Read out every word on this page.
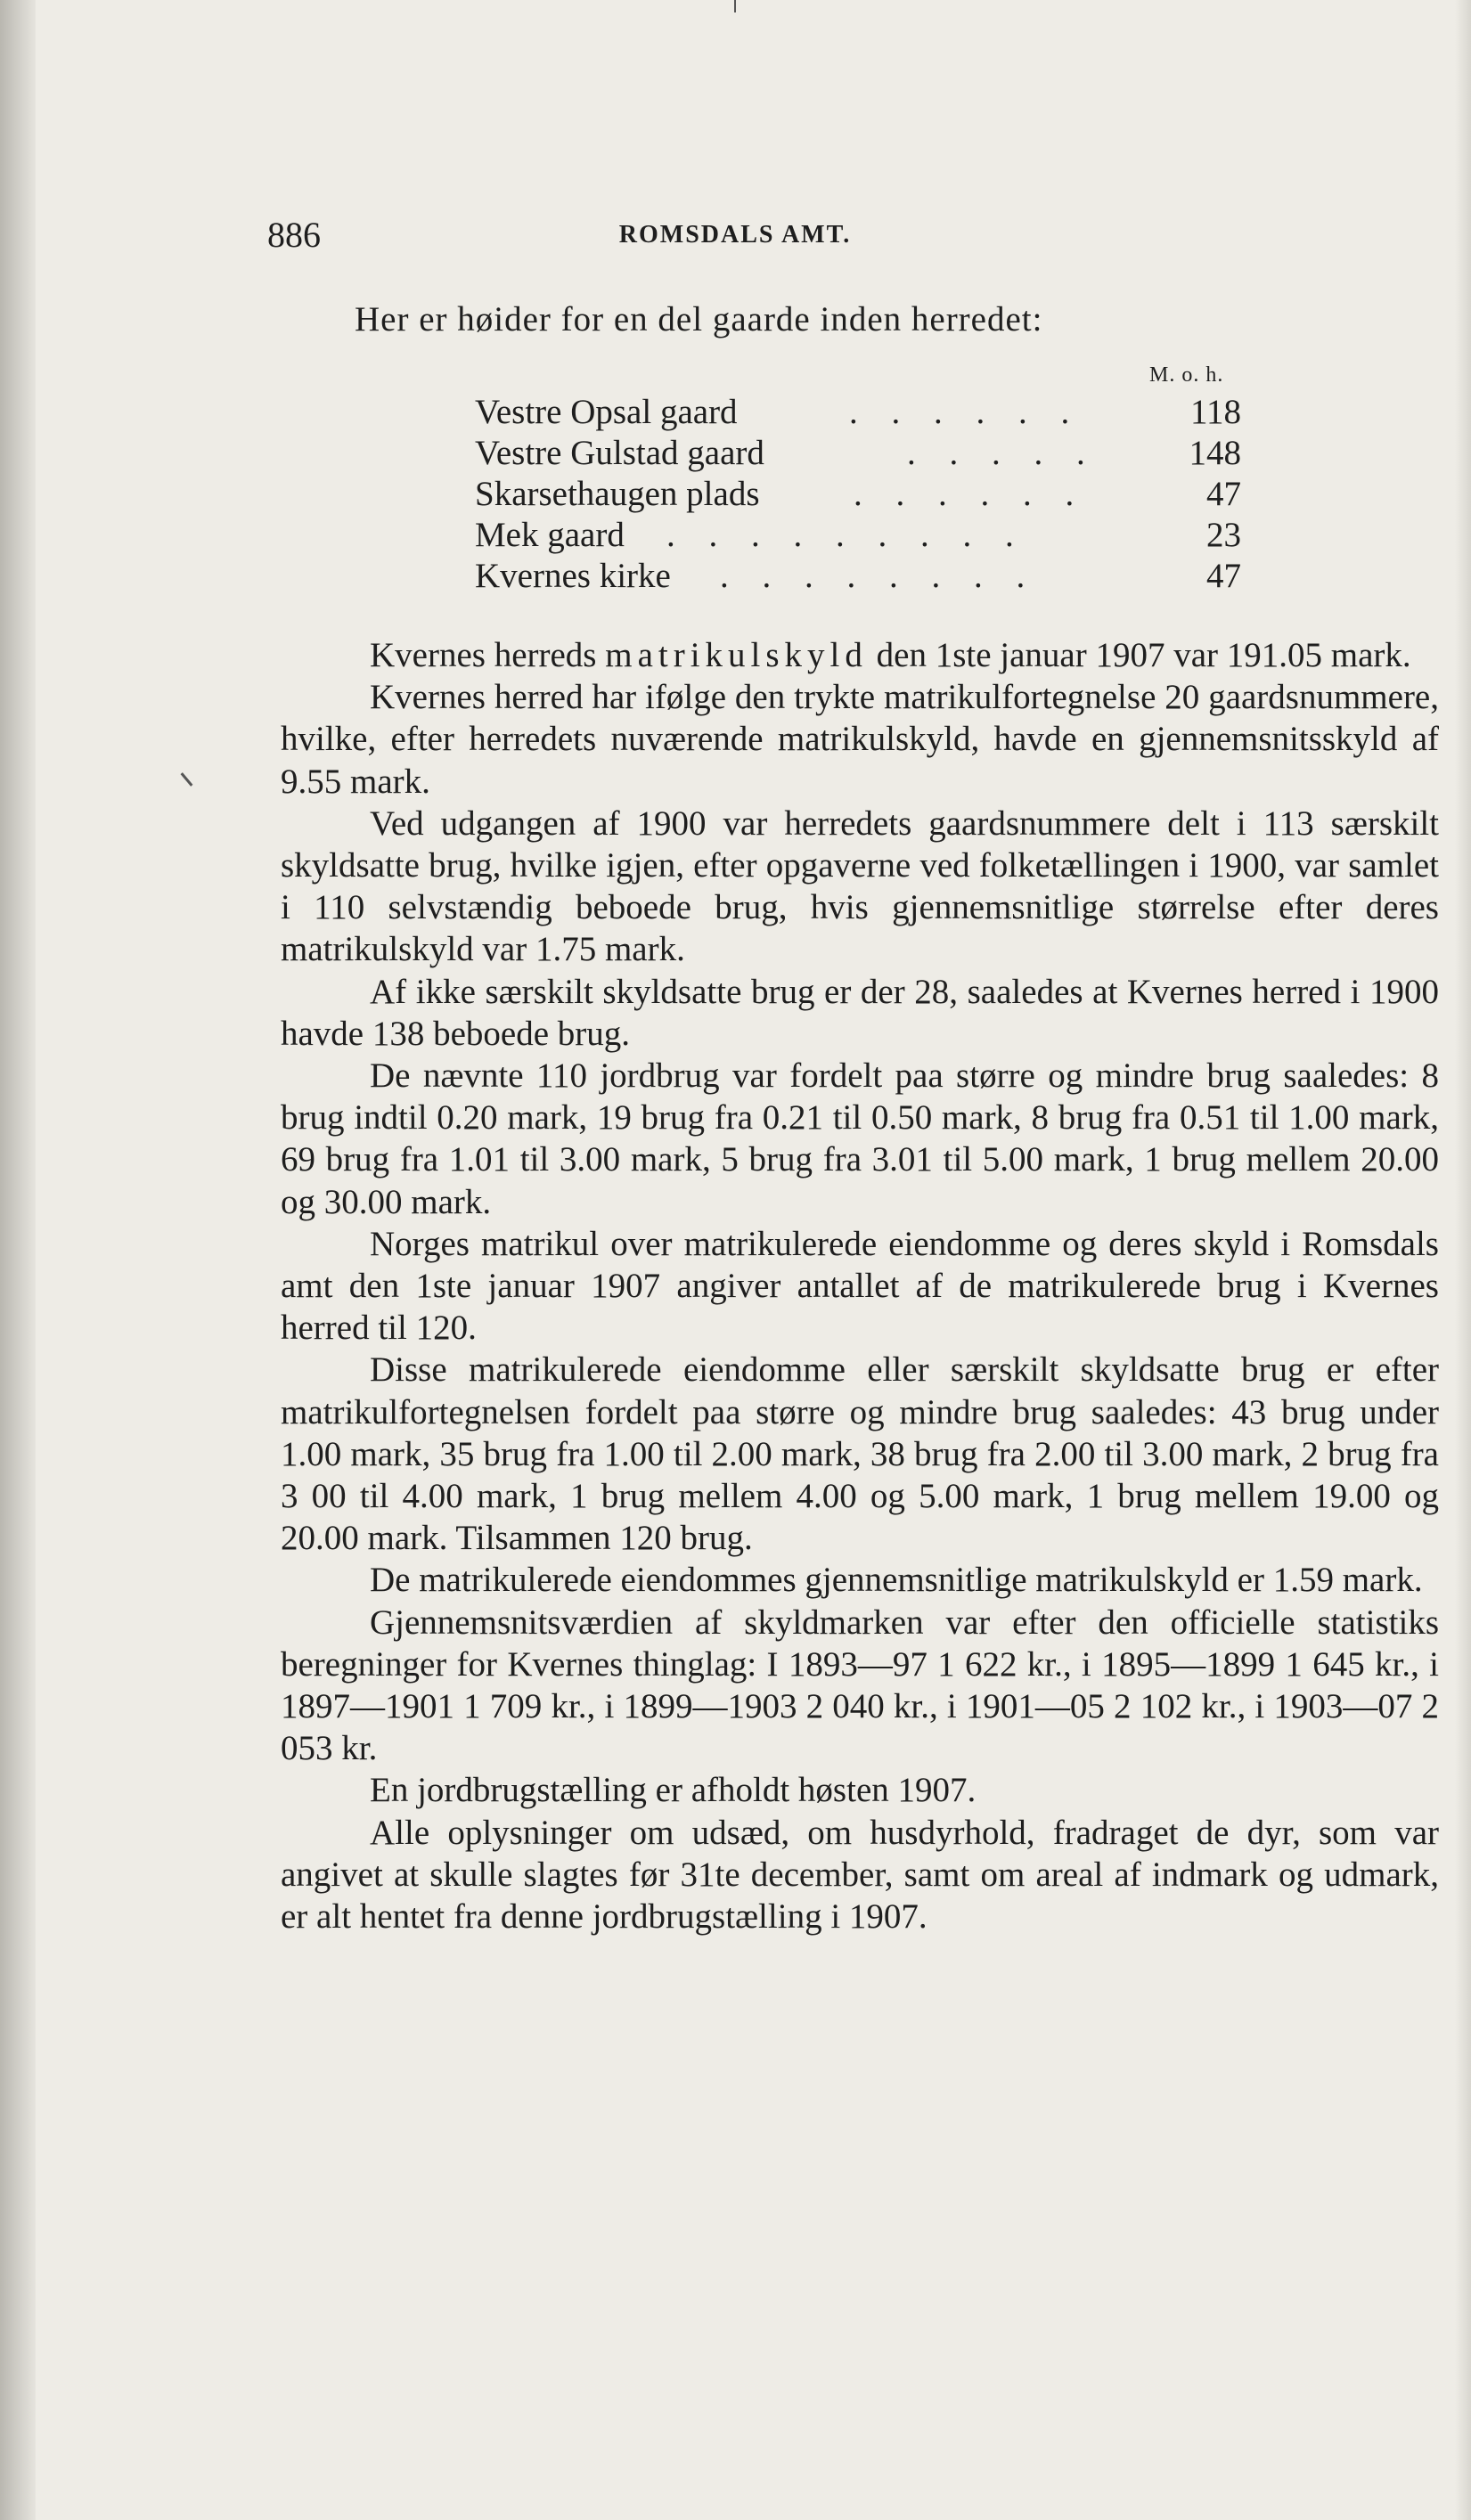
886	ROMSDALS AMT.
Her er høider for en del gaarde inden herredet:
M. o. h.
Vestre Opsal gaard	. . . . . .	118
Vestre Gulstad gaard	. . . . .	148
Skarsethaugen plads	. . . . . .	47
Mek gaard . . . . . . . . .	23
Kvernes kirke . . . . . . . .	47

Kvernes herreds matrikulskyld den 1ste januar 1907 var 191.05 mark.

Kvernes herred har ifølge den trykte matrikulfortegnelse 20 gaardsnummere, hvilke, efter herredets nuværende matrikulskyld, havde en gjennemsnitsskyld af 9.55 mark.

Ved udgangen af 1900 var herredets gaardsnummere delt i 113 særskilt skyldsatte brug, hvilke igjen, efter opgaverne ved folketællingen i 1900, var samlet i 110 selvstændig beboede brug, hvis gjennemsnitlige størrelse efter deres matrikulskyld var 1.75 mark.

Af ikke særskilt skyldsatte brug er der 28, saaledes at Kvernes herred i 1900 havde 138 beboede brug.

De nævnte 110 jordbrug var fordelt paa større og mindre brug saaledes: 8 brug indtil 0.20 mark, 19 brug fra 0.21 til 0.50 mark, 8 brug fra 0.51 til 1.00 mark, 69 brug fra 1.01 til 3.00 mark, 5 brug fra 3.01 til 5.00 mark, 1 brug mellem 20.00 og 30.00 mark.

Norges matrikul over matrikulerede eiendomme og deres skyld i Romsdals amt den 1ste januar 1907 angiver antallet af de matrikulerede brug i Kvernes herred til 120.

Disse matrikulerede eiendomme eller særskilt skyldsatte brug er efter matrikulfortegnelsen fordelt paa større og mindre brug saaledes: 43 brug under 1.00 mark, 35 brug fra 1.00 til 2.00 mark, 38 brug fra 2.00 til 3.00 mark, 2 brug fra 3 00 til 4.00 mark, 1 brug mellem 4.00 og 5.00 mark, 1 brug mellem 19.00 og 20.00 mark. Tilsammen 120 brug.

De matrikulerede eiendommes gjennemsnitlige matrikulskyld er 1.59 mark.

Gjennemsnitsværdien af skyldmarken var efter den officielle statistiks beregninger for Kvernes thinglag: I 1893—97 1 622 kr., i 1895—1899 1 645 kr., i 1897—1901 1 709 kr., i 1899—1903 2 040 kr., i 1901—05 2 102 kr., i 1903—07 2 053 kr.

En jordbrugstælling er afholdt høsten 1907.

Alle oplysninger om udsæd, om husdyrhold, fradraget de dyr, som var angivet at skulle slagtes før 31te december, samt om areal af indmark og udmark, er alt hentet fra denne jordbrugstælling i 1907.
